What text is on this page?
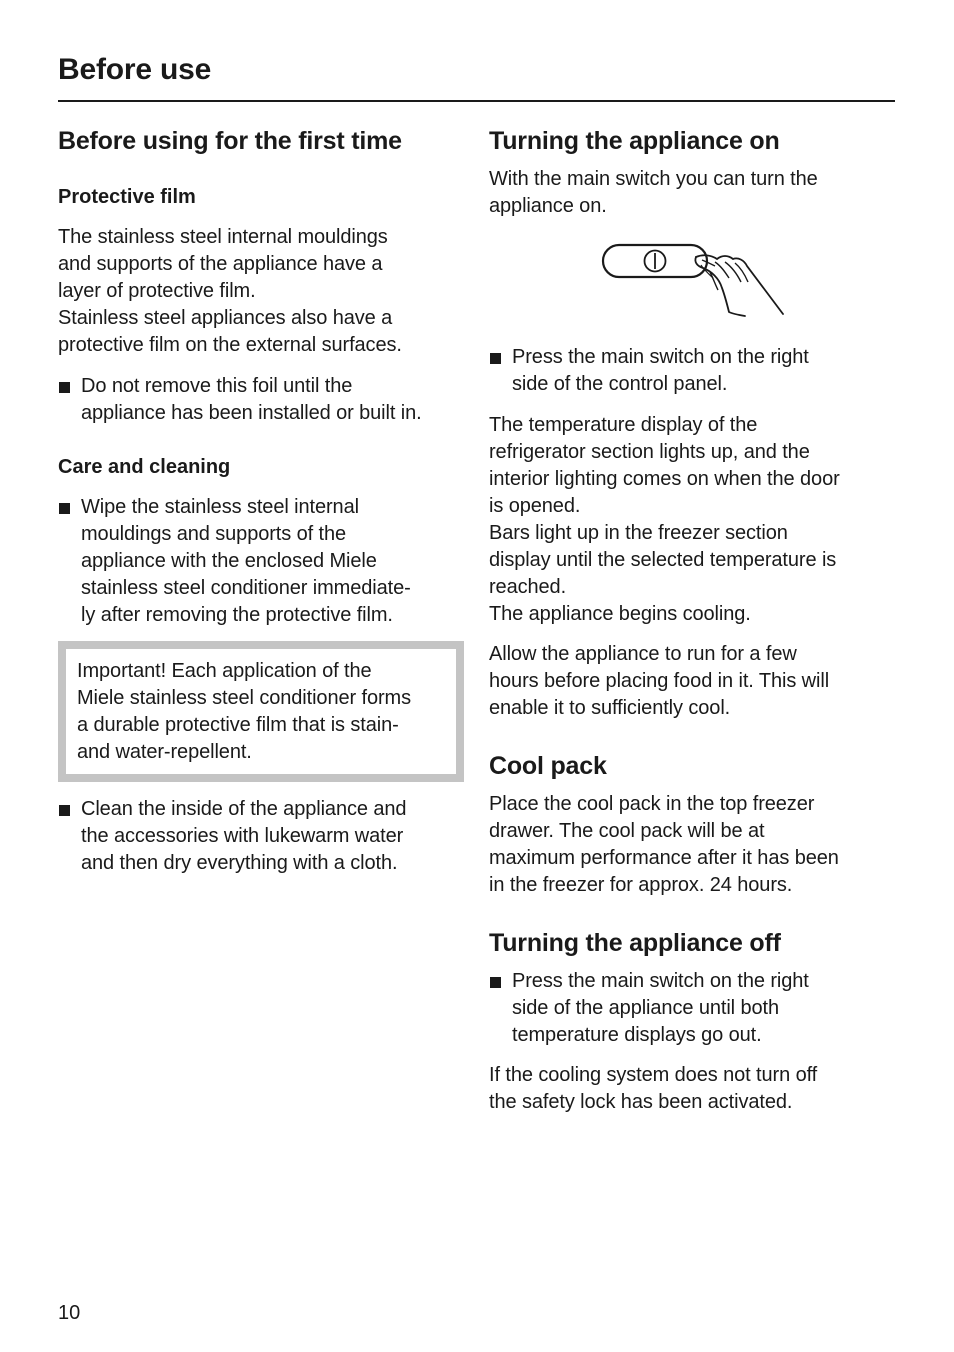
Before use
Before using for the first time
Protective film

The stainless steel internal mouldings
and supports of the appliance have a
layer of protective film.
Stainless steel appliances also have a
protective film on the external surfaces.

Do not remove this foil until the
appliance has been installed or built in.
Care and cleaning
Wipe the stainless steel internal
mouldings and supports of the
appliance with the enclosed Miele
stainless steel conditioner immediate-
ly after removing the protective film.

Important! Each application of the
Miele stainless steel conditioner forms
a durable protective film that is stain-
and water-repellent.

Clean the inside of the appliance and
the accessories with lukewarm water
and then dry everything with a cloth.
Turning the appliance on

With the main switch you can turn the
appliance on.

Press the main switch on the right
side of the control panel.

The temperature display of the
refrigerator section lights up, and the
interior lighting comes on when the door
is opened.
Bars light up in the freezer section
display until the selected temperature is
reached.
The appliance begins cooling.

Allow the appliance to run for a few
hours before placing food in it. This will
enable it to sufficiently cool.

Cool pack

Place the cool pack in the top freezer
drawer. The cool pack will be at
maximum performance after it has been
in the freezer for approx. 24 hours.

Turning the appliance off
Press the main switch on the right
side of the appliance until both
temperature displays go out.

If the cooling system does not turn off
the safety lock has been activated.

10
